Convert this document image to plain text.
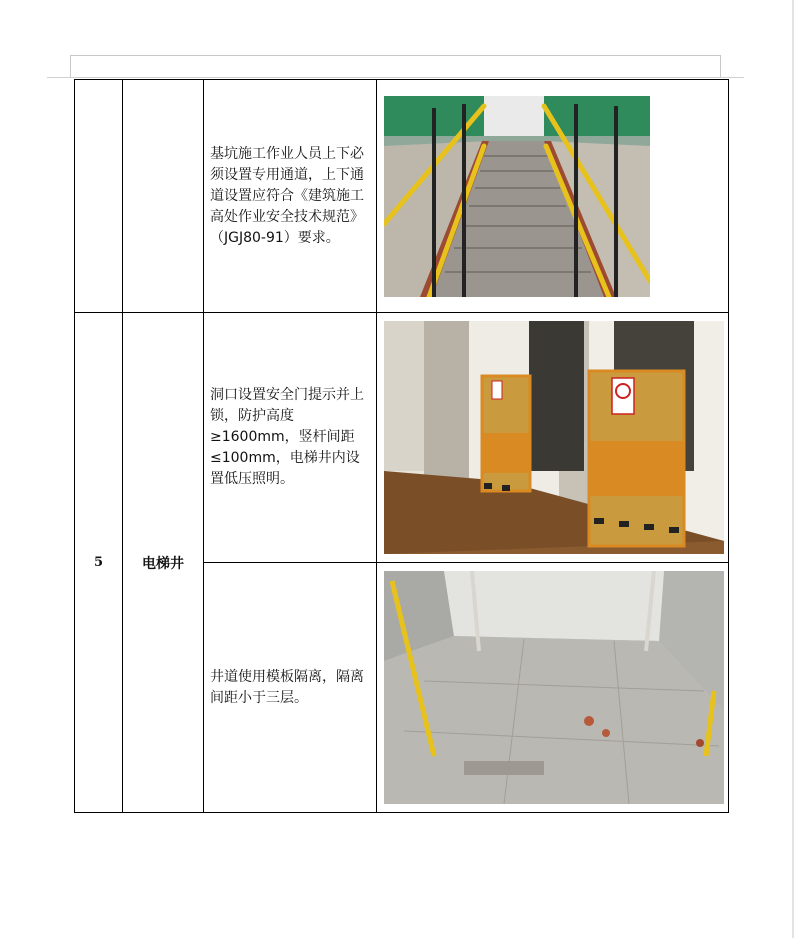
		基坑施工作业人员上下必须设置专用通道，上下通道设置应符合《建筑施工高处作业安全技术规范》（JGJ80-91）要求。	

5	电梯井	洞口设置安全门提示并上锁，防护高度≥1600mm，竖杆间距≤100mm，电梯井内设置低压照明。	

		井道使用模板隔离，隔离间距小于三层。	
